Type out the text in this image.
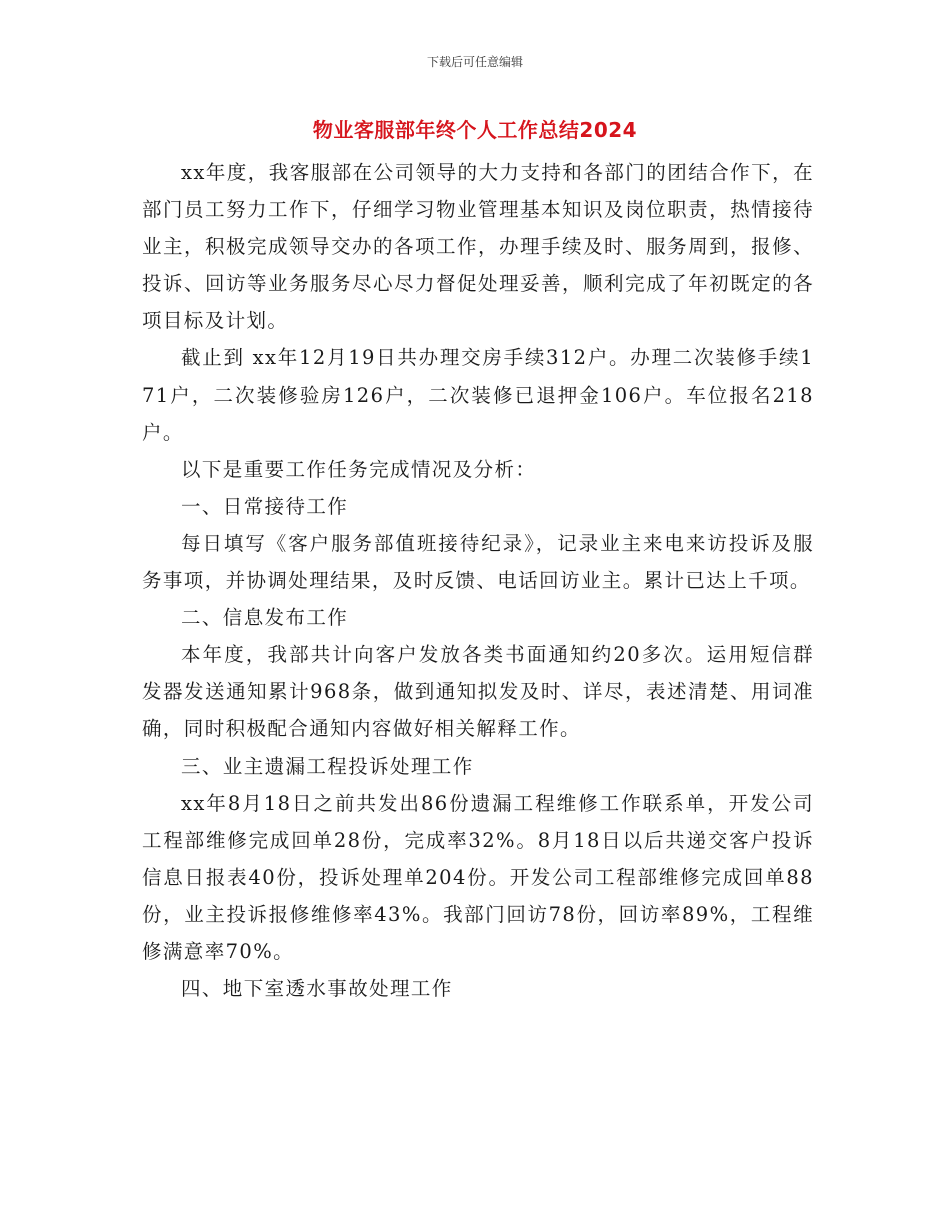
下载后可任意编辑
物业客服部年终个人工作总结2024

xx年度，我客服部在公司领导的大力支持和各部门的团结合作下，在部门员工努力工作下，仔细学习物业管理基本知识及岗位职责，热情接待业主，积极完成领导交办的各项工作，办理手续及时、服务周到，报修、投诉、回访等业务服务尽心尽力督促处理妥善，顺利完成了年初既定的各项目标及计划。

截止到 xx年12月19日共办理交房手续312户。办理二次装修手续171户，二次装修验房126户，二次装修已退押金106户。车位报名218户。

以下是重要工作任务完成情况及分析：

一、日常接待工作

每日填写《客户服务部值班接待纪录》，记录业主来电来访投诉及服务事项，并协调处理结果，及时反馈、电话回访业主。累计已达上千项。

二、信息发布工作

本年度，我部共计向客户发放各类书面通知约20多次。运用短信群发器发送通知累计968条，做到通知拟发及时、详尽，表述清楚、用词准确，同时积极配合通知内容做好相关解释工作。

三、业主遗漏工程投诉处理工作

xx年8月18日之前共发出86份遗漏工程维修工作联系单，开发公司工程部维修完成回单28份，完成率32%。8月18日以后共递交客户投诉信息日报表40份，投诉处理单204份。开发公司工程部维修完成回单88份，业主投诉报修维修率43%。我部门回访78份，回访率89%，工程维修满意率70%。

四、地下室透水事故处理工作
